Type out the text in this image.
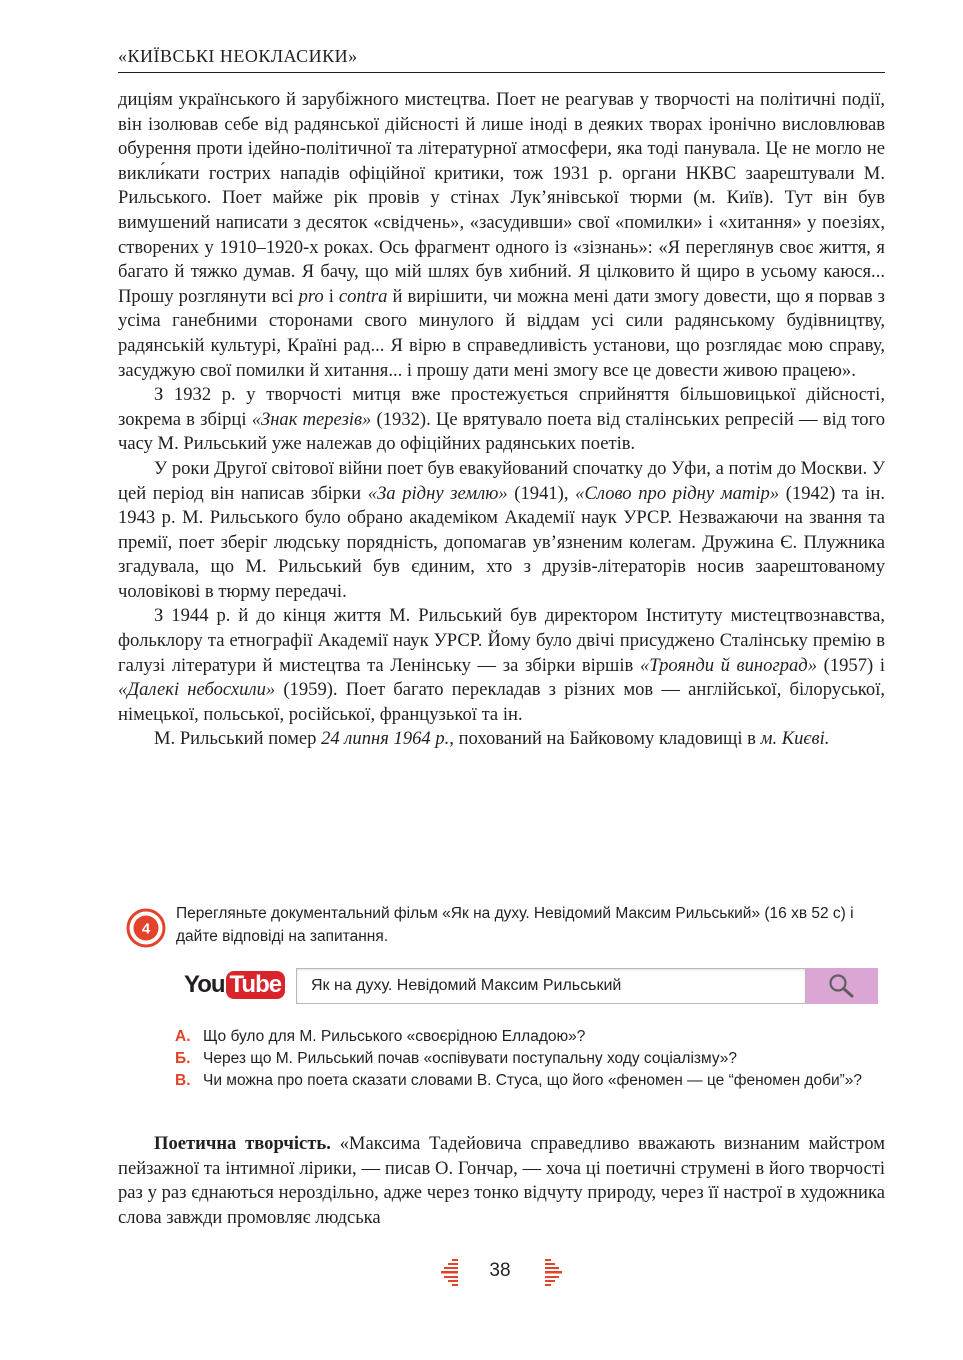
«КИЇВСЬКІ НЕОКЛАСИКИ»

диціям українського й зарубіжного мистецтва. Поет не реагував у творчості на політичні події, він ізолював себе від радянської дійсності й лише іноді в деяких творах іронічно висловлював обурення проти ідейно-політичної та літературної атмосфери, яка тоді панувала. Це не могло не викли́кати гострих нападів офіційної критики, тож 1931 р. органи НКВС заарештували М. Рильського. Поет майже рік провів у стінах Лук’янівської тюрми (м. Київ). Тут він був вимушений написати з десяток «свідчень», «засудивши» свої «помилки» і «хитання» у поезіях, створених у 1910–1920-х роках. Ось фрагмент одного із «зізнань»: «Я переглянув своє життя, я багато й тяжко думав. Я бачу, що мій шлях був хибний. Я цілковито й щиро в усьому каюся... Прошу розглянути всі pro і contra й вирішити, чи можна мені дати змогу довести, що я порвав з усіма ганебними сторонами свого минулого й віддам усі сили радянському будівництву, радянській культурі, Країні рад... Я вірю в справедливість установи, що розглядає мою справу, засуджую свої помилки й хитання... і прошу дати мені змогу все це довести живою працею».

З 1932 р. у творчості митця вже простежується сприйняття більшовицької дійсності, зокрема в збірці «Знак терезів» (1932). Це врятувало поета від сталінських репресій — від того часу М. Рильський уже належав до офіційних радянських поетів.

У роки Другої світової війни поет був евакуйований спочатку до Уфи, а потім до Москви. У цей період він написав збірки «За рідну землю» (1941), «Слово про рідну матір» (1942) та ін. 1943 р. М. Рильського було обрано академіком Академії наук УРСР. Незважаючи на звання та премії, поет зберіг людську порядність, допомагав ув’язненим колегам. Дружина Є. Плужника згадувала, що М. Рильський був єдиним, хто з друзів-літераторів носив заарештованому чоловікові в тюрму передачі.

З 1944 р. й до кінця життя М. Рильський був директором Інституту мистецтвознавства, фольклору та етнографії Академії наук УРСР. Йому було двічі присуджено Сталінську премію в галузі літератури й мистецтва та Ленінську — за збірки віршів «Троянди й виноград» (1957) і «Далекі небосхили» (1959). Поет багато перекладав з різних мов — англійської, білоруської, німецької, польської, російської, французької та ін.

М. Рильський помер 24 липня 1964 р., похований на Байковому кладовищі в м. Києві.

4
Перегляньте документальний фільм «Як на духу. Невідомий Максим Рильський» (16 хв 52 с) і дайте відповіді на запитання.
You Tube	Як на духу. Невідомий Максим Рильський
А. Що було для М. Рильського «своєрідною Елладою»?
Б. Через що М. Рильський почав «оспівувати поступальну ходу соціалізму»?
В. Чи можна про поета сказати словами В. Стуса, що його «феномен — це “феномен доби”»?

Поетична творчість. «Максима Тадейовича справедливо вважають визнаним майстром пейзажної та інтимної лірики, — писав О. Гончар, — хоча ці поетичні струмені в його творчості раз у раз єднаються нероздільно, адже через тонко відчуту природу, через її настрої в художника слова завжди промовляє людська

38
